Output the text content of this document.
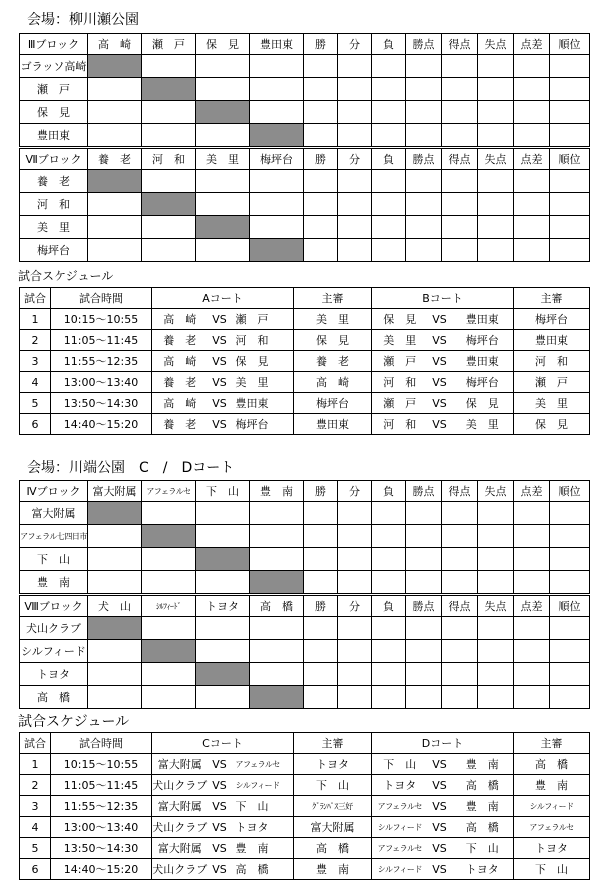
会場：柳川瀬公園
Ⅲブロック	高　崎	瀬　戸	保　見	豊田東	勝	分	負	勝点	得点	失点	点差	順位
ゴラッソ高崎												
瀬　戸												
保　見												
豊田東												
Ⅶブロック	養　老	河　和	美　里	梅坪台	勝	分	負	勝点	得点	失点	点差	順位
養　老												
河　和												
美　里												
梅坪台												
試合スケジュール
試合	試合時間	Aコート			主審	Bコート			主審
1	10:15～10:55	高　崎	VS	瀬　戸	美　里	保　見	VS	豊田東	梅坪台
2	11:05～11:45	養　老	VS	河　和	保　見	美　里	VS	梅坪台	豊田東
3	11:55～12:35	高　崎	VS	保　見	養　老	瀬　戸	VS	豊田東	河　和
4	13:00～13:40	養　老	VS	美　里	高　崎	河　和	VS	梅坪台	瀬　戸
5	13:50～14:30	高　崎	VS	豊田東	梅坪台	瀬　戸	VS	保　見	美　里
6	14:40～15:20	養　老	VS	梅坪台	豊田東	河　和	VS	美　里	保　見
会場：川端公園　C　/　Dコート
Ⅳブロック	富大附属	アフェラルセ	下　山	豊　南	勝	分	負	勝点	得点	失点	点差	順位
富大附属												
アフェラル七四日市												
下　山												
豊　南												
Ⅷブロック	犬　山	ｼﾙﾌｨｰﾄﾞ	トヨタ	高　橋	勝	分	負	勝点	得点	失点	点差	順位
犬山クラブ												
シルフィード												
トヨタ												
高　橋												
試合スケジュール
試合	試合時間	Cコート			主審	Dコート			主審
1	10:15～10:55	富大附属	VS	アフェラルセ	トヨタ	下　山	VS	豊　南	高　橋
2	11:05～11:45	犬山クラブ	VS	シルフィード	下　山	トヨタ	VS	高　橋	豊　南
3	11:55～12:35	富大附属	VS	下　山	ｸﾞﾗﾝﾊﾟｽ三好	アフェラルセ	VS	豊　南	シルフィード
4	13:00～13:40	犬山クラブ	VS	トヨタ	富大附属	シルフィード	VS	高　橋	アフェラルセ
5	13:50～14:30	富大附属	VS	豊　南	高　橋	アフェラルセ	VS	下　山	トヨタ
6	14:40～15:20	犬山クラブ	VS	高　橋	豊　南	シルフィード	VS	トヨタ	下　山
